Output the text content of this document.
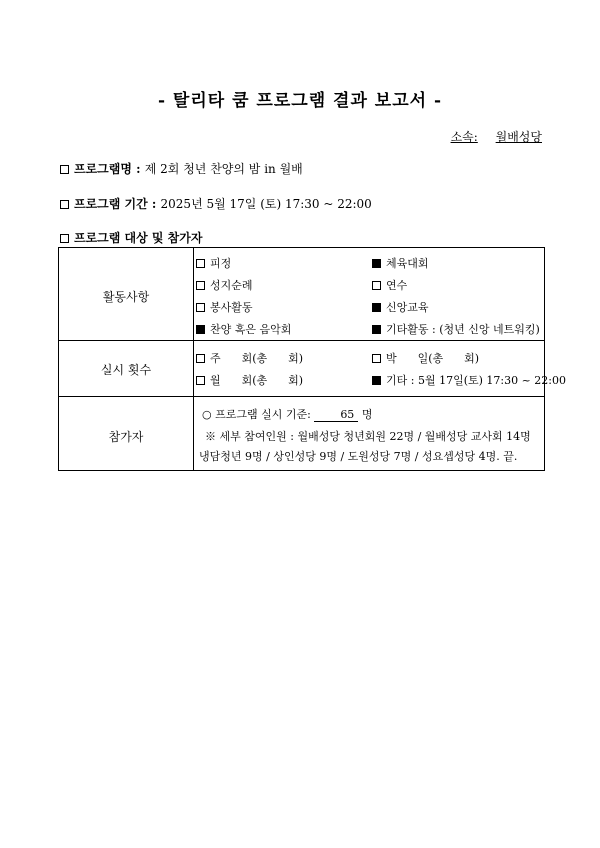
- 탈리타 쿰 프로그램 결과 보고서 -
소속: 월배성당
프로그램명 : 제 2회 청년 찬양의 밤 in 월배
프로그램 기간 : 2025년 5월 17일 (토) 17:30 ~ 22:00
프로그램 대상 및 참가자
활동사항
피정	체육대회
성지순례	연수
봉사활동	신앙교육
찬양 혹은 음악회	기타활동 : (청년 신앙 네트워킹)
실시 횟수
주      회(총      회)	박      일(총      회)
월      회(총      회)	기타 : 5월 17일(토) 17:30 ~ 22:00
참가자
○ 프로그램 실시 기준:	65 명
※ 세부 참여인원 : 월배성당 청년회원 22명 / 월배성당 교사회 14명
냉담청년 9명 / 상인성당 9명 / 도원성당 7명 / 성요셉성당 4명. 끝.
